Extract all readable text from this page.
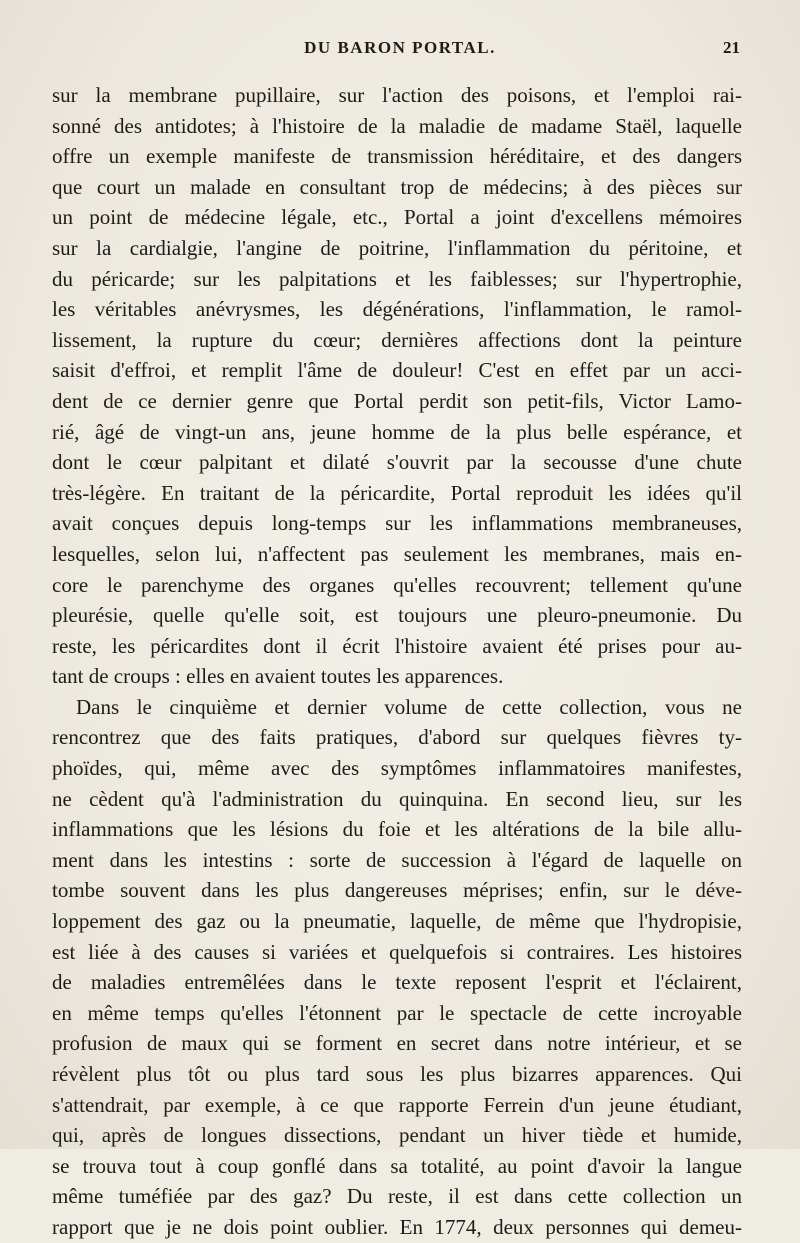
DU BARON PORTAL.	21
sur la membrane pupillaire, sur l'action des poisons, et l'emploi rai-
sonné des antidotes; à l'histoire de la maladie de madame Staël, laquelle
offre un exemple manifeste de transmission héréditaire, et des dangers
que court un malade en consultant trop de médecins; à des pièces sur
un point de médecine légale, etc., Portal a joint d'excellens mémoires
sur la cardialgie, l'angine de poitrine, l'inflammation du péritoine, et
du péricarde; sur les palpitations et les faiblesses; sur l'hypertrophie,
les véritables anévrysmes, les dégénérations, l'inflammation, le ramol-
lissement, la rupture du cœur; dernières affections dont la peinture
saisit d'effroi, et remplit l'âme de douleur! C'est en effet par un acci-
dent de ce dernier genre que Portal perdit son petit-fils, Victor Lamo-
rié, âgé de vingt-un ans, jeune homme de la plus belle espérance, et
dont le cœur palpitant et dilaté s'ouvrit par la secousse d'une chute
très-légère. En traitant de la péricardite, Portal reproduit les idées qu'il
avait conçues depuis long-temps sur les inflammations membraneuses,
lesquelles, selon lui, n'affectent pas seulement les membranes, mais en-
core le parenchyme des organes qu'elles recouvrent; tellement qu'une
pleurésie, quelle qu'elle soit, est toujours une pleuro-pneumonie. Du
reste, les péricardites dont il écrit l'histoire avaient été prises pour au-
tant de croups : elles en avaient toutes les apparences.
Dans le cinquième et dernier volume de cette collection, vous ne
rencontrez que des faits pratiques, d'abord sur quelques fièvres ty-
phoïdes, qui, même avec des symptômes inflammatoires manifestes,
ne cèdent qu'à l'administration du quinquina. En second lieu, sur les
inflammations que les lésions du foie et les altérations de la bile allu-
ment dans les intestins : sorte de succession à l'égard de laquelle on
tombe souvent dans les plus dangereuses méprises; enfin, sur le déve-
loppement des gaz ou la pneumatie, laquelle, de même que l'hydropisie,
est liée à des causes si variées et quelquefois si contraires. Les histoires
de maladies entremêlées dans le texte reposent l'esprit et l'éclairent,
en même temps qu'elles l'étonnent par le spectacle de cette incroyable
profusion de maux qui se forment en secret dans notre intérieur, et se
révèlent plus tôt ou plus tard sous les plus bizarres apparences. Qui
s'attendrait, par exemple, à ce que rapporte Ferrein d'un jeune étudiant,
qui, après de longues dissections, pendant un hiver tiède et humide,
se trouva tout à coup gonflé dans sa totalité, au point d'avoir la langue
même tuméfiée par des gaz? Du reste, il est dans cette collection un
rapport que je ne dois point oublier. En 1774, deux personnes qui demeu-
